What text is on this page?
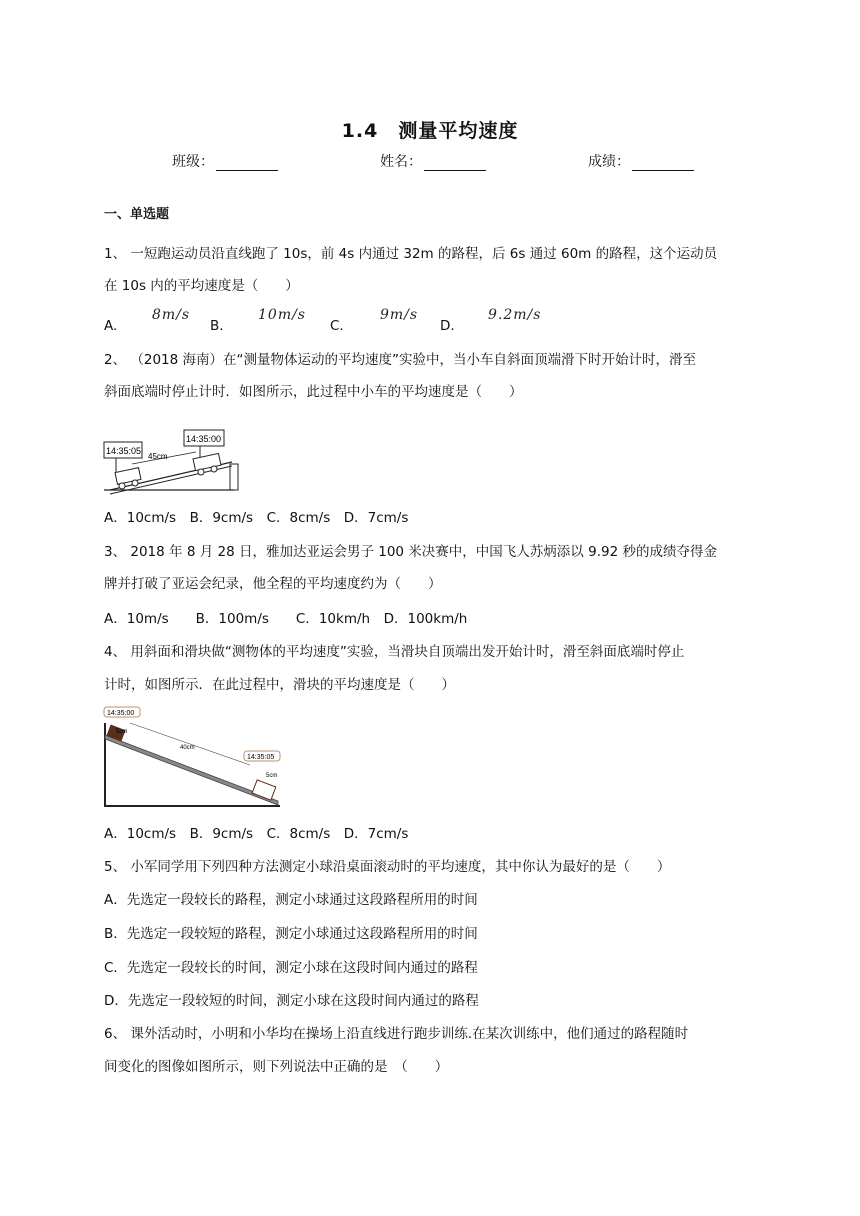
1.4　测量平均速度
班级：	姓名：	成绩：
一、单选题
1、 一短跑运动员沿直线跑了 10s，前 4s 内通过 32m 的路程，后 6s 通过 60m 的路程，这个运动员
在 10s 内的平均速度是（　　）
A.
8m/s
B.
10m/s
C.
9m/s
D.
9.2m/s
2、 （2018 海南）在“测量物体运动的平均速度”实验中，当小车自斜面顶端滑下时开始计时，滑至
斜面底端时停止计时．如图所示，此过程中小车的平均速度是（　　）
14:35:05
14:35:00
45cm
A．10cm/s　B．9cm/s　C．8cm/s　D．7cm/s
3、 2018 年 8 月 28 日，雅加达亚运会男子 100 米决赛中，中国飞人苏炳添以 9.92 秒的成绩夺得金
牌并打破了亚运会纪录，他全程的平均速度约为（　　）
A．10m/s　　B．100m/s　　C．10km/h　D．100km/h
4、 用斜面和滑块做“测物体的平均速度”实验，当滑块自顶端出发开始计时，滑至斜面底端时停止
计时，如图所示．在此过程中，滑块的平均速度是（　　）
14:35:00
5cm
40cm
14:35:05
5cm
A．10cm/s　B．9cm/s　C．8cm/s　D．7cm/s
5、 小军同学用下列四种方法测定小球沿桌面滚动时的平均速度，其中你认为最好的是（　　）
A．先选定一段较长的路程，测定小球通过这段路程所用的时间
B．先选定一段较短的路程，测定小球通过这段路程所用的时间
C．先选定一段较长的时间，测定小球在这段时间内通过的路程
D．先选定一段较短的时间，测定小球在这段时间内通过的路程
6、 课外活动时，小明和小华均在操场上沿直线进行跑步训练.在某次训练中，他们通过的路程随时
间变化的图像如图所示，则下列说法中正确的是　（　　）
